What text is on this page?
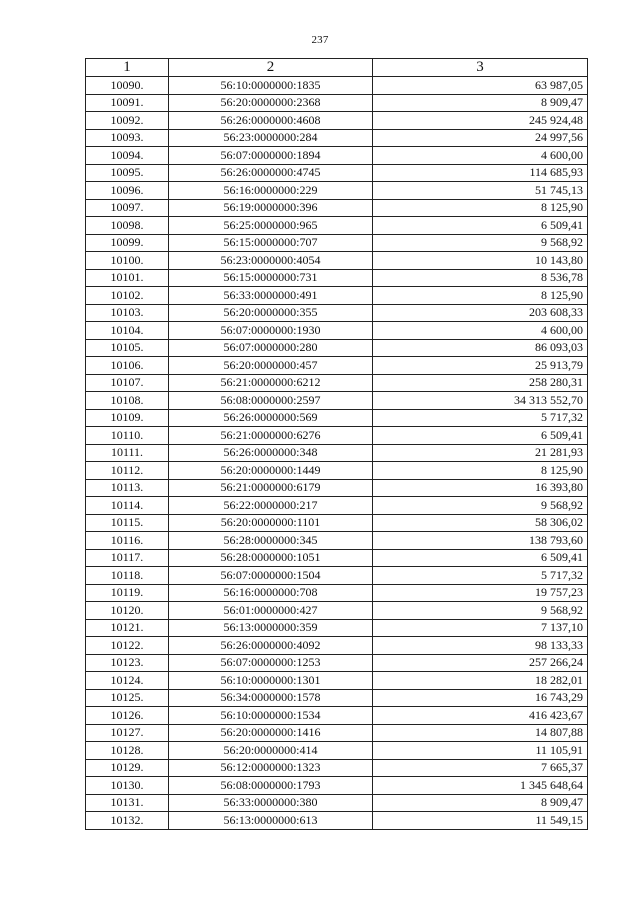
237
1	2	3
10090.	56:10:0000000:1835	63 987,05
10091.	56:20:0000000:2368	8 909,47
10092.	56:26:0000000:4608	245 924,48
10093.	56:23:0000000:284	24 997,56
10094.	56:07:0000000:1894	4 600,00
10095.	56:26:0000000:4745	114 685,93
10096.	56:16:0000000:229	51 745,13
10097.	56:19:0000000:396	8 125,90
10098.	56:25:0000000:965	6 509,41
10099.	56:15:0000000:707	9 568,92
10100.	56:23:0000000:4054	10 143,80
10101.	56:15:0000000:731	8 536,78
10102.	56:33:0000000:491	8 125,90
10103.	56:20:0000000:355	203 608,33
10104.	56:07:0000000:1930	4 600,00
10105.	56:07:0000000:280	86 093,03
10106.	56:20:0000000:457	25 913,79
10107.	56:21:0000000:6212	258 280,31
10108.	56:08:0000000:2597	34 313 552,70
10109.	56:26:0000000:569	5 717,32
10110.	56:21:0000000:6276	6 509,41
10111.	56:26:0000000:348	21 281,93
10112.	56:20:0000000:1449	8 125,90
10113.	56:21:0000000:6179	16 393,80
10114.	56:22:0000000:217	9 568,92
10115.	56:20:0000000:1101	58 306,02
10116.	56:28:0000000:345	138 793,60
10117.	56:28:0000000:1051	6 509,41
10118.	56:07:0000000:1504	5 717,32
10119.	56:16:0000000:708	19 757,23
10120.	56:01:0000000:427	9 568,92
10121.	56:13:0000000:359	7 137,10
10122.	56:26:0000000:4092	98 133,33
10123.	56:07:0000000:1253	257 266,24
10124.	56:10:0000000:1301	18 282,01
10125.	56:34:0000000:1578	16 743,29
10126.	56:10:0000000:1534	416 423,67
10127.	56:20:0000000:1416	14 807,88
10128.	56:20:0000000:414	11 105,91
10129.	56:12:0000000:1323	7 665,37
10130.	56:08:0000000:1793	1 345 648,64
10131.	56:33:0000000:380	8 909,47
10132.	56:13:0000000:613	11 549,15
